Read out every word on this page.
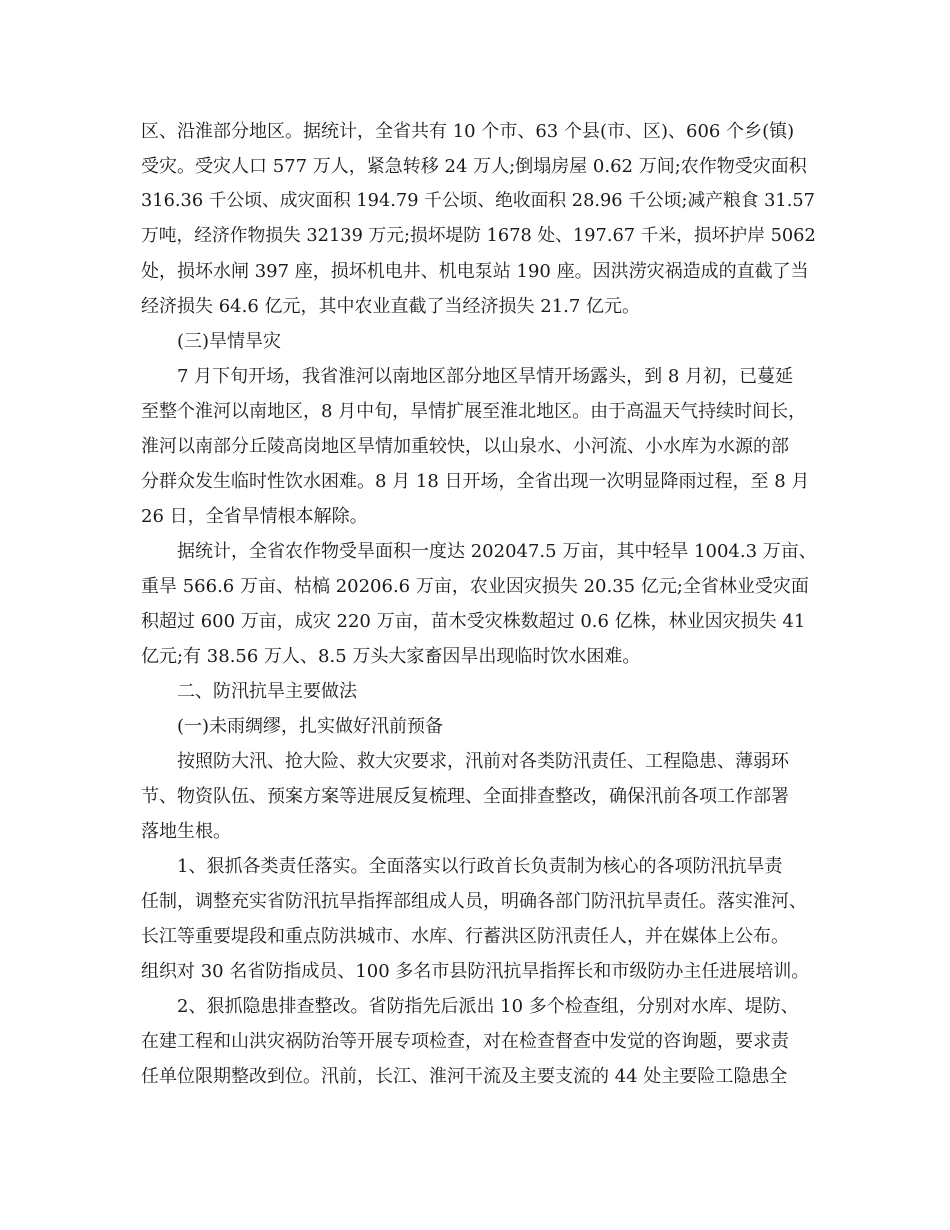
区、沿淮部分地区。据统计，全省共有 10 个市、63 个县(市、区)、606 个乡(镇)
受灾。受灾人口 577 万人，紧急转移 24 万人;倒塌房屋 0.62 万间;农作物受灾面积
316.36 千公顷、成灾面积 194.79 千公顷、绝收面积 28.96 千公顷;减产粮食 31.57
万吨，经济作物损失 32139 万元;损坏堤防 1678 处、197.67 千米，损坏护岸 5062
处，损坏水闸 397 座，损坏机电井、机电泵站 190 座。因洪涝灾祸造成的直截了当
经济损失 64.6 亿元，其中农业直截了当经济损失 21.7 亿元。
(三)旱情旱灾
7 月下旬开场，我省淮河以南地区部分地区旱情开场露头，到 8 月初，已蔓延
至整个淮河以南地区，8 月中旬，旱情扩展至淮北地区。由于高温天气持续时间长，
淮河以南部分丘陵高岗地区旱情加重较快，以山泉水、小河流、小水库为水源的部
分群众发生临时性饮水困难。8 月 18 日开场，全省出现一次明显降雨过程，至 8 月
26 日，全省旱情根本解除。
据统计，全省农作物受旱面积一度达 202047.5 万亩，其中轻旱 1004.3 万亩、
重旱 566.6 万亩、枯槁 20206.6 万亩，农业因灾损失 20.35 亿元;全省林业受灾面
积超过 600 万亩，成灾 220 万亩，苗木受灾株数超过 0.6 亿株，林业因灾损失 41
亿元;有 38.56 万人、8.5 万头大家畜因旱出现临时饮水困难。
二、防汛抗旱主要做法
(一)未雨绸缪，扎实做好汛前预备
按照防大汛、抢大险、救大灾要求，汛前对各类防汛责任、工程隐患、薄弱环
节、物资队伍、预案方案等进展反复梳理、全面排查整改，确保汛前各项工作部署
落地生根。
1、狠抓各类责任落实。全面落实以行政首长负责制为核心的各项防汛抗旱责
任制，调整充实省防汛抗旱指挥部组成人员，明确各部门防汛抗旱责任。落实淮河、
长江等重要堤段和重点防洪城市、水库、行蓄洪区防汛责任人，并在媒体上公布。
组织对 30 名省防指成员、100 多名市县防汛抗旱指挥长和市级防办主任进展培训。
2、狠抓隐患排查整改。省防指先后派出 10 多个检查组，分别对水库、堤防、
在建工程和山洪灾祸防治等开展专项检查，对在检查督查中发觉的咨询题，要求责
任单位限期整改到位。汛前，长江、淮河干流及主要支流的 44 处主要险工隐患全
